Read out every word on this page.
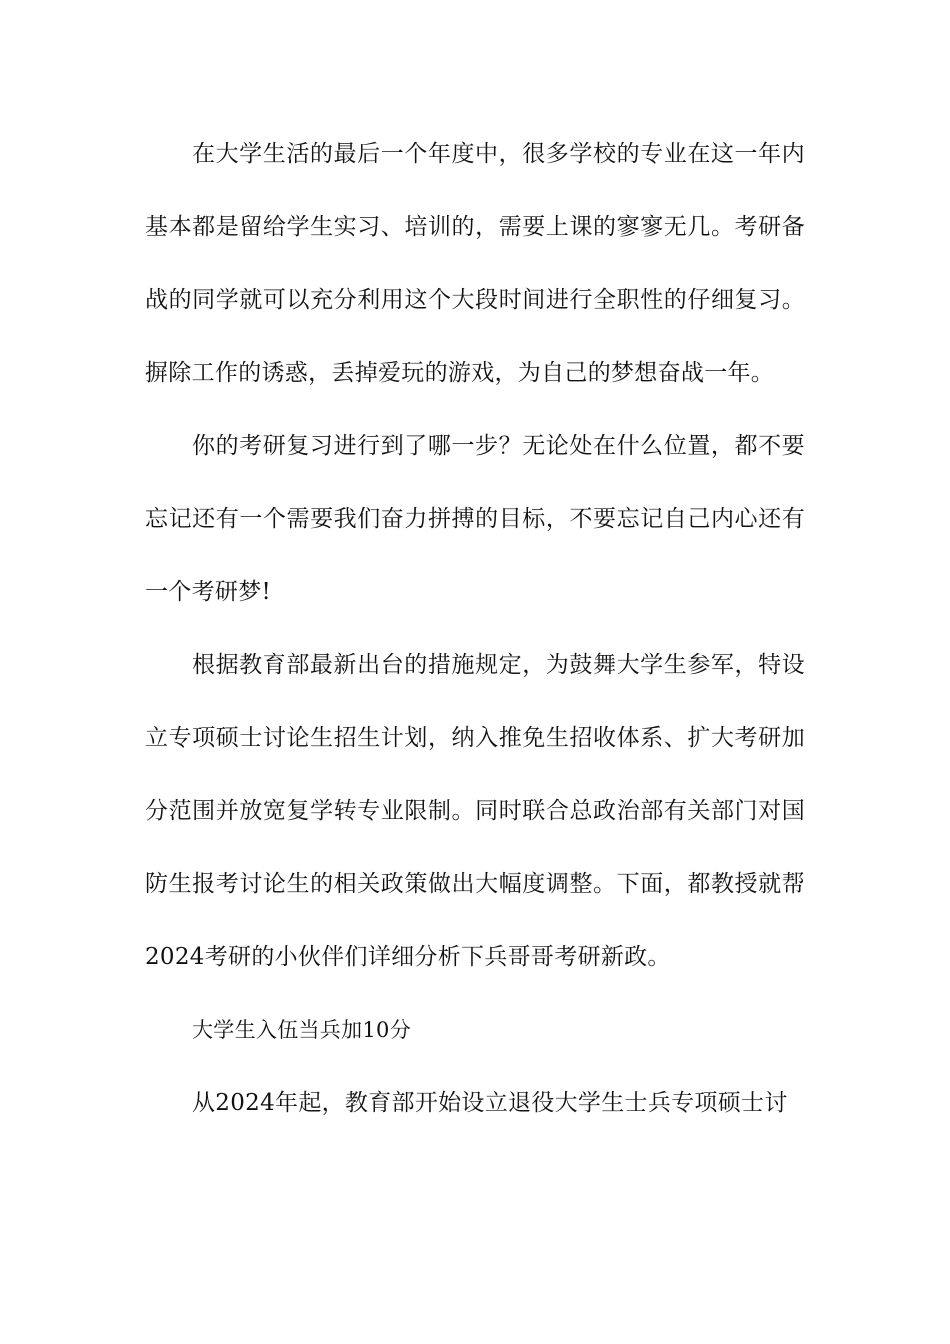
在大学生活的最后一个年度中，很多学校的专业在这一年内基本都是留给学生实习、培训的，需要上课的寥寥无几。考研备战的同学就可以充分利用这个大段时间进行全职性的仔细复习。摒除工作的诱惑，丢掉爱玩的游戏，为自己的梦想奋战一年。

你的考研复习进行到了哪一步？无论处在什么位置，都不要忘记还有一个需要我们奋力拼搏的目标，不要忘记自己内心还有一个考研梦!

根据教育部最新出台的措施规定，为鼓舞大学生参军，特设立专项硕士讨论生招生计划，纳入推免生招收体系、扩大考研加分范围并放宽复学转专业限制。同时联合总政治部有关部门对国防生报考讨论生的相关政策做出大幅度调整。下面，都教授就帮2024考研的小伙伴们详细分析下兵哥哥考研新政。

大学生入伍当兵加10分

从2024年起，教育部开始设立退役大学生士兵专项硕士讨
